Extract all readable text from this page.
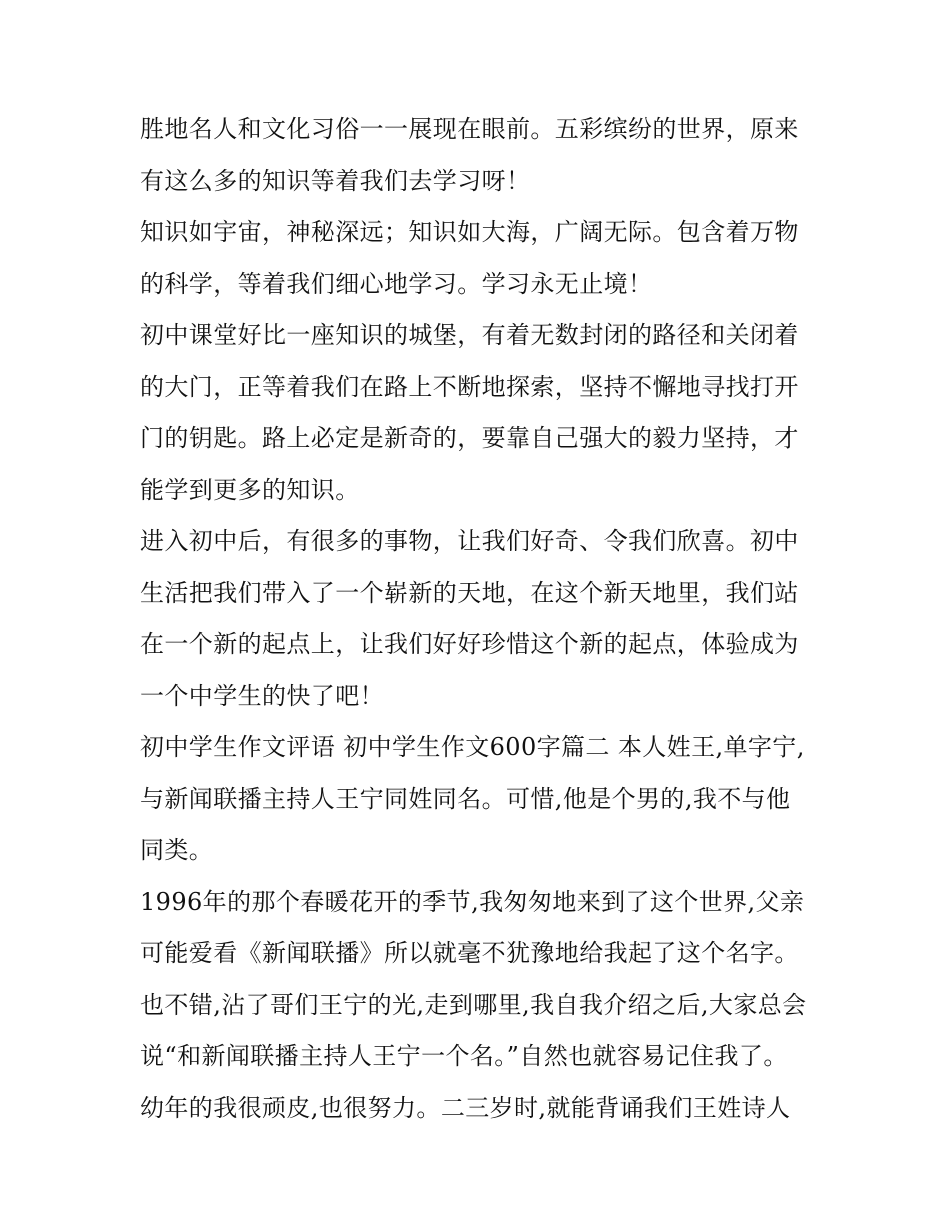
胜地名人和文化习俗一一展现在眼前。五彩缤纷的世界，原来
有这么多的知识等着我们去学习呀！
知识如宇宙，神秘深远；知识如大海，广阔无际。包含着万物
的科学，等着我们细心地学习。学习永无止境！
初中课堂好比一座知识的城堡，有着无数封闭的路径和关闭着
的大门，正等着我们在路上不断地探索，坚持不懈地寻找打开
门的钥匙。路上必定是新奇的，要靠自己强大的毅力坚持，才
能学到更多的知识。
进入初中后，有很多的事物，让我们好奇、令我们欣喜。初中
生活把我们带入了一个崭新的天地，在这个新天地里，我们站
在一个新的起点上，让我们好好珍惜这个新的起点，体验成为
一个中学生的快了吧！
初中学生作文评语 初中学生作文600字篇二 本人姓王,单字宁,
与新闻联播主持人王宁同姓同名。可惜,他是个男的,我不与他
同类。
1996年的那个春暖花开的季节,我匆匆地来到了这个世界,父亲
可能爱看《新闻联播》所以就毫不犹豫地给我起了这个名字。
也不错,沾了哥们王宁的光,走到哪里,我自我介绍之后,大家总会
说“和新闻联播主持人王宁一个名。”自然也就容易记住我了。
幼年的我很顽皮,也很努力。二三岁时,就能背诵我们王姓诗人
